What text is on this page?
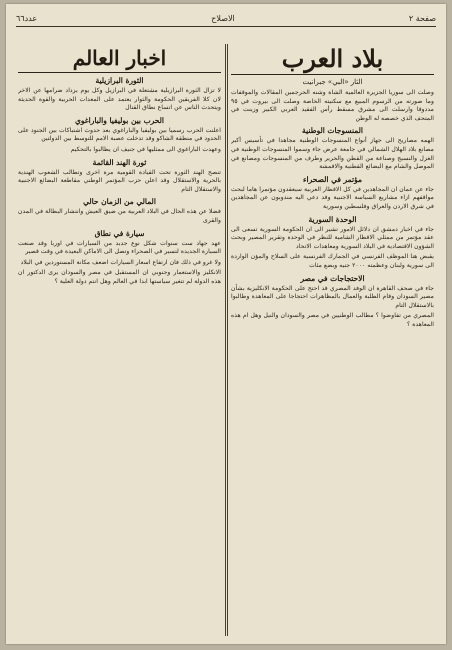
صفحة ٢
الاصلاح
عدد٦٦
بلاد العرب
الثار «البي» جبرانيت

وصلت الى سوريا الجزيرة العالمية الشاة وشنه الحرجمين المقالات والموقفات وما صورته من الرسوم المبيع مع سكنيته الخاصة وصلت الى بيروت في ٩٥ مددوقا وارسلت الى مشرق مسقط رأس الفقيد العربي الكبير وزينت في المتحف الذي خصصه له الوطن

المنسوجات الوطنية

الهمه مصاريح الى جهاز أنواع المنسوجات الوطنية مجاهدا في تأسيس أكبر مصانع بلاد الهلال الشمالي في جامعة عرض جاء وسموا المنسوجات الوطنية في الغزل والنسيج وصناعة من القطن والحرير وطرف من المنسوجات ومصانع في الموصل والشام مع البضائع القطنية والاقمشة

مؤتمر في الصحراء

جاء عن عمان ان المجاهدين في كل الاقطار العربية سيعقدون مؤتمرا هاما لبحث مواقفهم ازاء مشاريع السياسة الاجنبية وقد دعي اليه مندوبون عن المجاهدين في شرق الاردن والعراق وفلسطين وسورية

الوحدة السورية

جاء في اخبار دمشق ان دلائل الامور تشير الى ان الحكومة السورية تسعى الى عقد مؤتمر من ممثلي الاقطار الشامية للنظر في الوحدة وتقرير المصير وبحث الشؤون الاقتصادية في البلاد السورية ومعاهدات الاتحاد

يقبض هنا الموظف الفرنسي في الجمارك الفرنسية على السلاح والمؤن الواردة الى سورية ولبنان وعظمته ۲۰۰۰ جنيه وبضع مئات

الاحتجاجات في مصر

جاء في صحف القاهرة ان الوفد المصري قد احتج على الحكومة الانكليزية بشأن مصير السودان وقام الطلبة والعمال بالمظاهرات احتجاجا على المعاهدة وطالبوا بالاستقلال التام

المصري من تفاوضوا ؟ مطالب الوطنيين في مصر والسودان والنيل وهل ام هذه المعاهدة ؟

اخبار العالم
الثورة البرازيلية

لا تزال الثورة البرازيلية مشتعلة في البرازيل وكل يوم يزداد ضرامها عن الاخر لان كلا الفريقين الحكومة والثوار يعتمد على المعدات الحربية والقوة الحديثة ويتحدث الناس عن اتساع نطاق القتال

الحرب بين بوليفيا والباراغوي

اعلنت الحرب رسميا بين بوليفيا والباراغوي بعد حدوث اشتباكات بين الجنود على الحدود في منطقة الشاكو وقد تدخلت عصبة الامم للتوسط بين الدولتين

وعهدت الباراغوي الى ممثليها في جنيف ان يطالبوا بالتحكيم

ثورة الهند القائمة

تنصح الهند الثورة تحت القيادة القومية مرة اخرى وتطالب الشعوب الهندية بالحرية والاستقلال وقد اعلن حزب المؤتمر الوطني مقاطعة البضائع الاجنبية والاستقلال التام

المالي من الزمان حالي

فضلا عن هذه الحال في البلاد العربية من ضيق العيش وانتشار البطالة في المدن والقرى

سيارة في نطاق

عهد جهاد ست سنوات شكل نوع جديد من السيارات في اوربا وقد صنعت السيارة الجديدة لتسير في الصحراء وتصل الى الاماكن البعيدة في وقت قصير

ولا غرو في ذلك فان ارتفاع اسعار السيارات اضعف مكانة المستوردين في البلاد

الانكليز والاستعمار وجنوبي ان المستقبل في مصر والسودان يرى الدكتور ان هذه الدولة لم تتغير سياستها ابدا في العالم وهل انتم دولة العلية ؟
